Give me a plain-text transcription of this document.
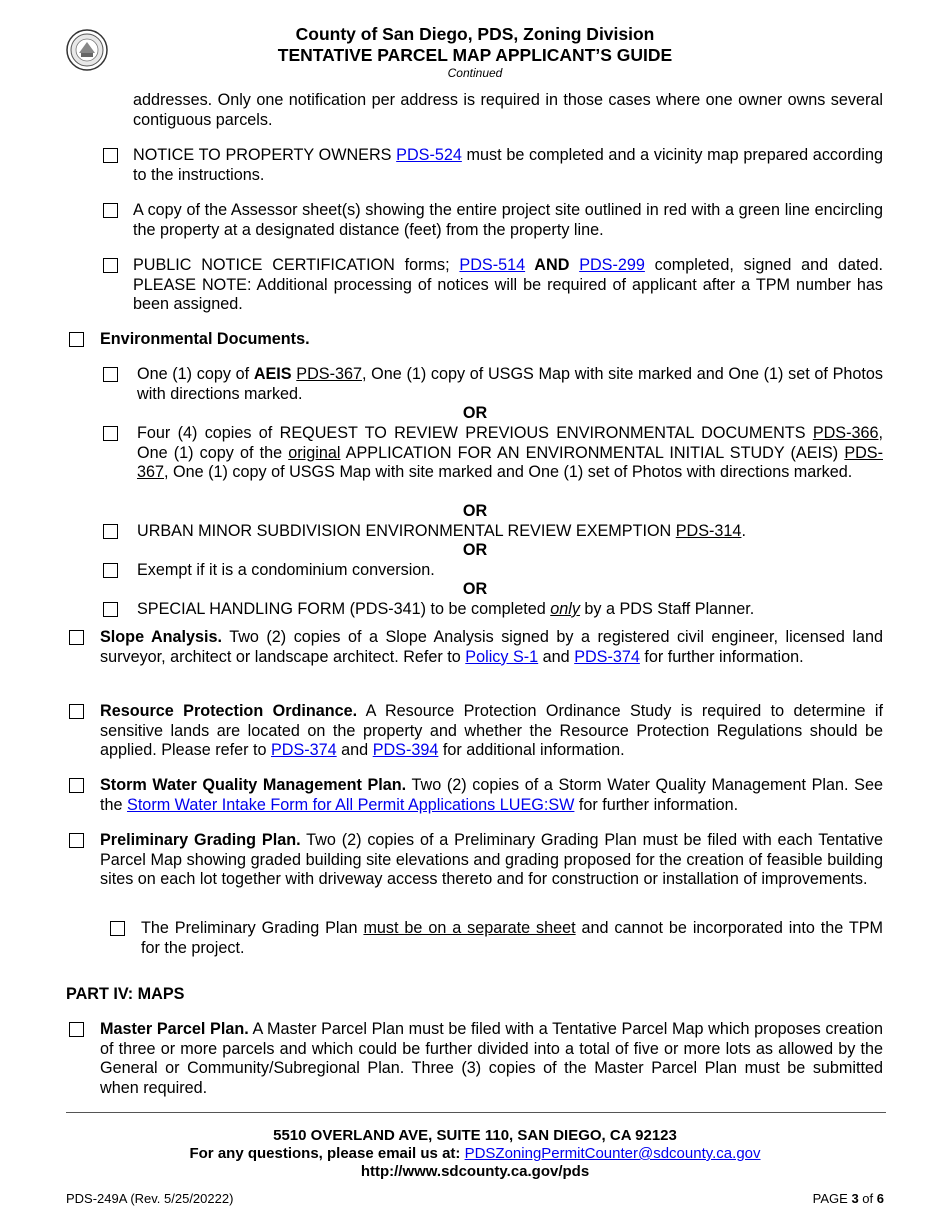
County of San Diego, PDS, Zoning Division
TENTATIVE PARCEL MAP APPLICANT’S GUIDE
Continued
addresses. Only one notification per address is required in those cases where one owner owns several contiguous parcels.
NOTICE TO PROPERTY OWNERS PDS-524 must be completed and a vicinity map prepared according to the instructions.
A copy of the Assessor sheet(s) showing the entire project site outlined in red with a green line encircling the property at a designated distance (feet) from the property line.
PUBLIC NOTICE CERTIFICATION forms; PDS-514 AND PDS-299 completed, signed and dated. PLEASE NOTE: Additional processing of notices will be required of applicant after a TPM number has been assigned.
Environmental Documents.
One (1) copy of AEIS PDS-367, One (1) copy of USGS Map with site marked and One (1) set of Photos with directions marked.
OR
Four (4) copies of REQUEST TO REVIEW PREVIOUS ENVIRONMENTAL DOCUMENTS PDS-366, One (1) copy of the original APPLICATION FOR AN ENVIRONMENTAL INITIAL STUDY (AEIS) PDS-367, One (1) copy of USGS Map with site marked and One (1) set of Photos with directions marked.
OR
URBAN MINOR SUBDIVISION ENVIRONMENTAL REVIEW EXEMPTION PDS-314.
OR
Exempt if it is a condominium conversion.
OR
SPECIAL HANDLING FORM (PDS-341) to be completed only by a PDS Staff Planner.
Slope Analysis. Two (2) copies of a Slope Analysis signed by a registered civil engineer, licensed land surveyor, architect or landscape architect. Refer to Policy S-1 and PDS-374 for further information.
Resource Protection Ordinance. A Resource Protection Ordinance Study is required to determine if sensitive lands are located on the property and whether the Resource Protection Regulations should be applied. Please refer to PDS-374 and PDS-394 for additional information.
Storm Water Quality Management Plan. Two (2) copies of a Storm Water Quality Management Plan. See the Storm Water Intake Form for All Permit Applications LUEG:SW for further information.
Preliminary Grading Plan. Two (2) copies of a Preliminary Grading Plan must be filed with each Tentative Parcel Map showing graded building site elevations and grading proposed for the creation of feasible building sites on each lot together with driveway access thereto and for construction or installation of improvements.
The Preliminary Grading Plan must be on a separate sheet and cannot be incorporated into the TPM for the project.
PART IV: MAPS
Master Parcel Plan. A Master Parcel Plan must be filed with a Tentative Parcel Map which proposes creation of three or more parcels and which could be further divided into a total of five or more lots as allowed by the General or Community/Subregional Plan. Three (3) copies of the Master Parcel Plan must be submitted when required.
5510 OVERLAND AVE, SUITE 110, SAN DIEGO, CA 92123
For any questions, please email us at: PDSZoningPermitCounter@sdcounty.ca.gov
http://www.sdcounty.ca.gov/pds
PDS-249A (Rev. 5/25/20222)	PAGE 3 of 6
